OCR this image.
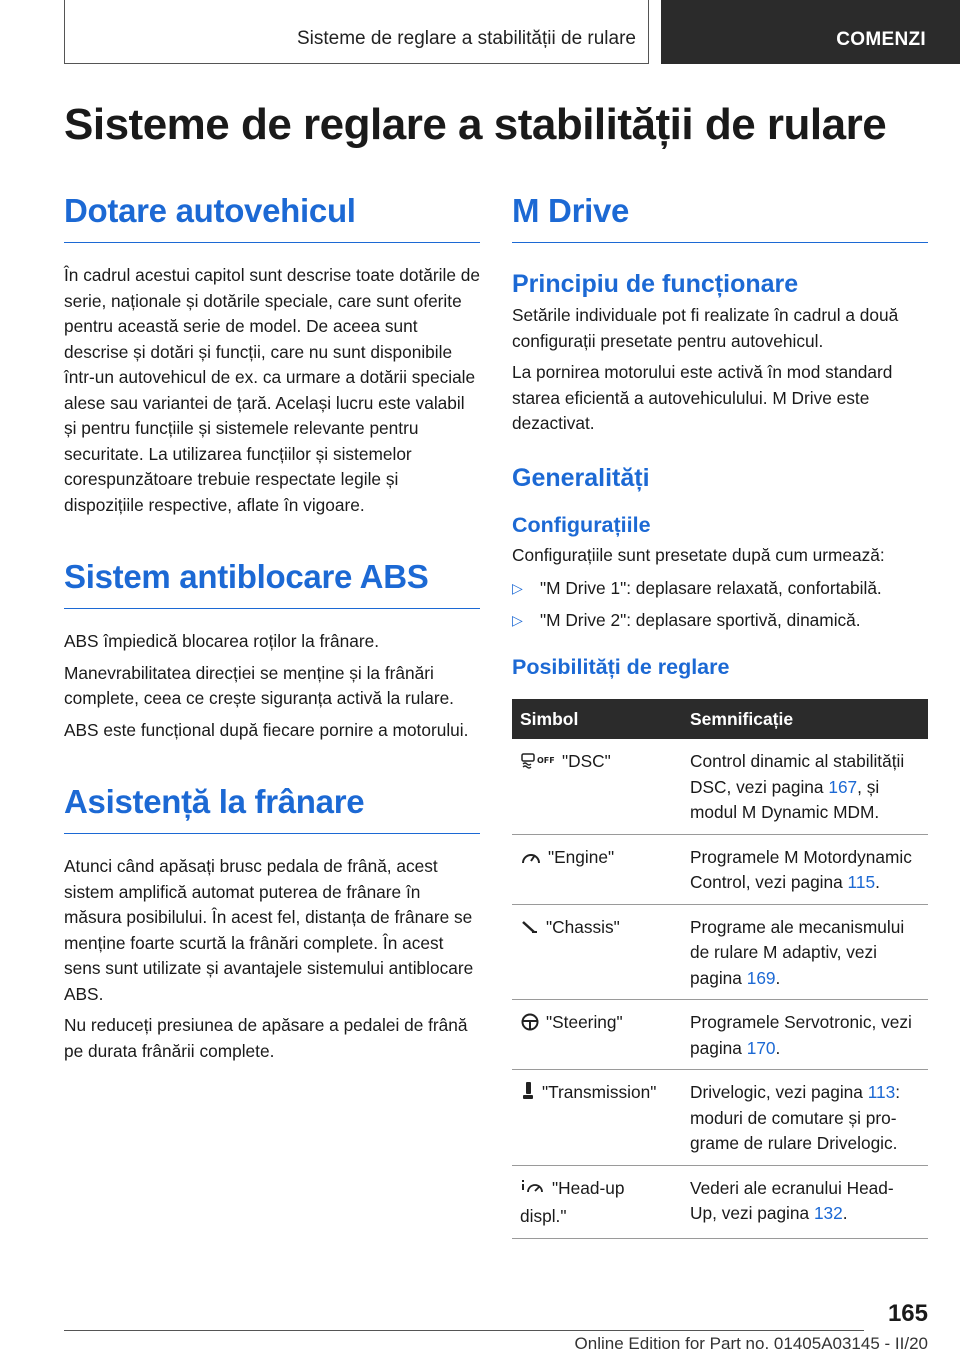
Sisteme de reglare a stabilității de rulare	COMENZI
Sisteme de reglare a stabilității de rulare
Dotare autovehicul

În cadrul acestui capitol sunt descrise toate dotările de serie, naționale și dotările speciale, care sunt oferite pentru această serie de model. De aceea sunt descrise și dotări și funcții, care nu sunt disponibile într-un autovehicul de ex. ca urmare a dotării speciale alese sau variantei de țară. Același lucru este valabil și pentru funcțiile și sistemele relevante pentru securitate. La utilizarea funcțiilor și sistemelor corespunzătoare trebuie respectate legile și dispozițiile respective, aflate în vigoare.

Sistem antiblocare ABS

ABS împiedică blocarea roților la frânare.

Manevrabilitatea direcției se menține și la frânări complete, ceea ce crește siguranța activă la rulare.

ABS este funcțional după fiecare pornire a motorului.

Asistență la frânare

Atunci când apăsați brusc pedala de frână, acest sistem amplifică automat puterea de frânare în măsura posibilului. În acest fel, distanța de frânare se menține foarte scurtă la frânări complete. În acest sens sunt utilizate și avantajele sistemului antiblocare ABS.

Nu reduceți presiunea de apăsare a pedalei de frână pe durata frânării complete.

M Drive
Principiu de funcționare

Setările individuale pot fi realizate în cadrul a două configurații presetate pentru autovehicul.

La pornirea motorului este activă în mod standard starea eficientă a autovehiculului. M Drive este dezactivat.

Generalități
Configurațiile

Configurațiile sunt presetate după cum urmează:

▷ "M Drive 1": deplasare relaxată, confortabilă.
▷ "M Drive 2": deplasare sportivă, dinamică.
Posibilități de reglare
Simbol	Semnificație

OFF "DSC"	Control dinamic al stabilității DSC, vezi pagina 167, și modul M Dynamic MDM.
"Engine"	Programele M Motordynamic Control, vezi pagina 115.
"Chassis"	Programe ale mecanismului de rulare M adaptiv, vezi pagina 169.
"Steering"	Programele Servotronic, vezi pagina 170.
"Transmission"	Drivelogic, vezi pagina 113: moduri de comutare și programe de rulare Drivelogic.
"Head-up displ."	Vederi ale ecranului Head-Up, vezi pagina 132.
165
Online Edition for Part no. 01405A03145 - II/20
